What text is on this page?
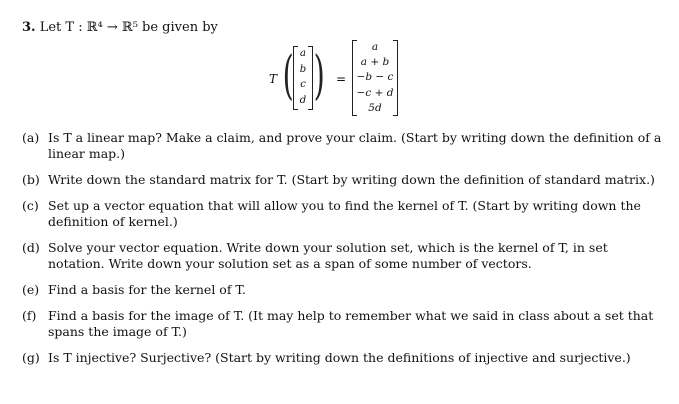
3. Let T : ℝ⁴ → ℝ⁵ be given by
T ( a
b
c
d ) =
a
a + b
−b − c
−c + d
5d
(a) Is T a linear map? Make a claim, and prove your claim. (Start by writing down the definition of a linear map.)
(b) Write down the standard matrix for T. (Start by writing down the definition of standard matrix.)
(c) Set up a vector equation that will allow you to find the kernel of T. (Start by writing down the definition of kernel.)
(d) Solve your vector equation. Write down your solution set, which is the kernel of T, in set notation. Write down your solution set as a span of some number of vectors.
(e) Find a basis for the kernel of T.
(f) Find a basis for the image of T. (It may help to remember what we said in class about a set that spans the image of T.)
(g) Is T injective? Surjective? (Start by writing down the definitions of injective and surjective.)
